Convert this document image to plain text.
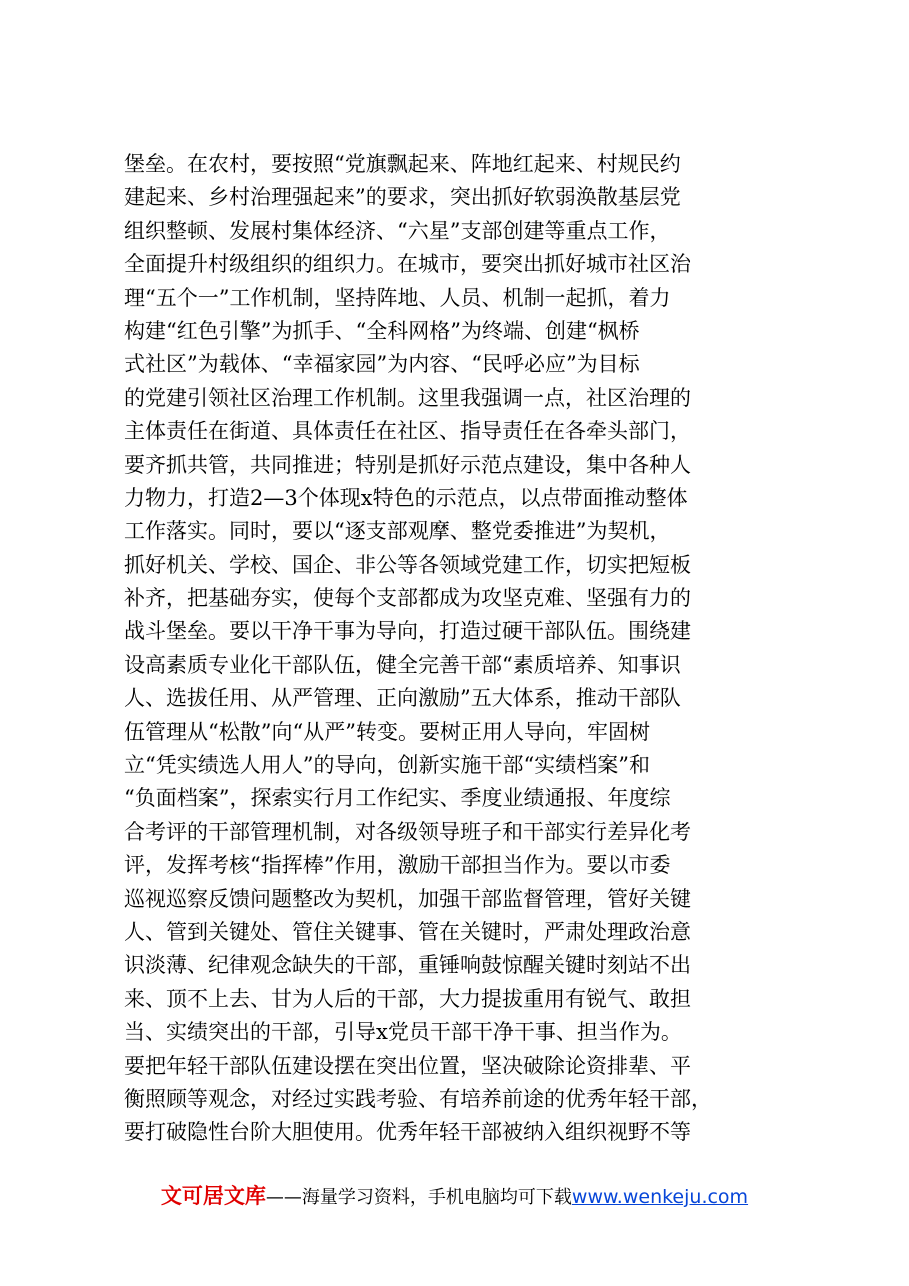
堡垒。在农村，要按照“党旗飘起来、阵地红起来、村规民约
建起来、乡村治理强起来”的要求，突出抓好软弱涣散基层党
组织整顿、发展村集体经济、“六星”支部创建等重点工作，
全面提升村级组织的组织力。在城市，要突出抓好城市社区治
理“五个一”工作机制，坚持阵地、人员、机制一起抓，着力
构建“红色引擎”为抓手、“全科网格”为终端、创建“枫桥
式社区”为载体、“幸福家园”为内容、“民呼必应”为目标
的党建引领社区治理工作机制。这里我强调一点，社区治理的
主体责任在街道、具体责任在社区、指导责任在各牵头部门，
要齐抓共管，共同推进；特别是抓好示范点建设，集中各种人
力物力，打造2—3个体现x特色的示范点，以点带面推动整体
工作落实。同时，要以“逐支部观摩、整党委推进”为契机，
抓好机关、学校、国企、非公等各领域党建工作，切实把短板
补齐，把基础夯实，使每个支部都成为攻坚克难、坚强有力的
战斗堡垒。要以干净干事为导向，打造过硬干部队伍。围绕建
设高素质专业化干部队伍，健全完善干部“素质培养、知事识
人、选拔任用、从严管理、正向激励”五大体系，推动干部队
伍管理从“松散”向“从严”转变。要树正用人导向，牢固树
立“凭实绩选人用人”的导向，创新实施干部“实绩档案”和
“负面档案”，探索实行月工作纪实、季度业绩通报、年度综
合考评的干部管理机制，对各级领导班子和干部实行差异化考
评，发挥考核“指挥棒”作用，激励干部担当作为。要以市委
巡视巡察反馈问题整改为契机，加强干部监督管理，管好关键
人、管到关键处、管住关键事、管在关键时，严肃处理政治意
识淡薄、纪律观念缺失的干部，重锤响鼓惊醒关键时刻站不出
来、顶不上去、甘为人后的干部，大力提拔重用有锐气、敢担
当、实绩突出的干部，引导x党员干部干净干事、担当作为。
要把年轻干部队伍建设摆在突出位置，坚决破除论资排辈、平
衡照顾等观念，对经过实践考验、有培养前途的优秀年轻干部，
要打破隐性台阶大胆使用。优秀年轻干部被纳入组织视野不等
文可居文库——海量学习资料，手机电脑均可下载www.wenkeju.com
